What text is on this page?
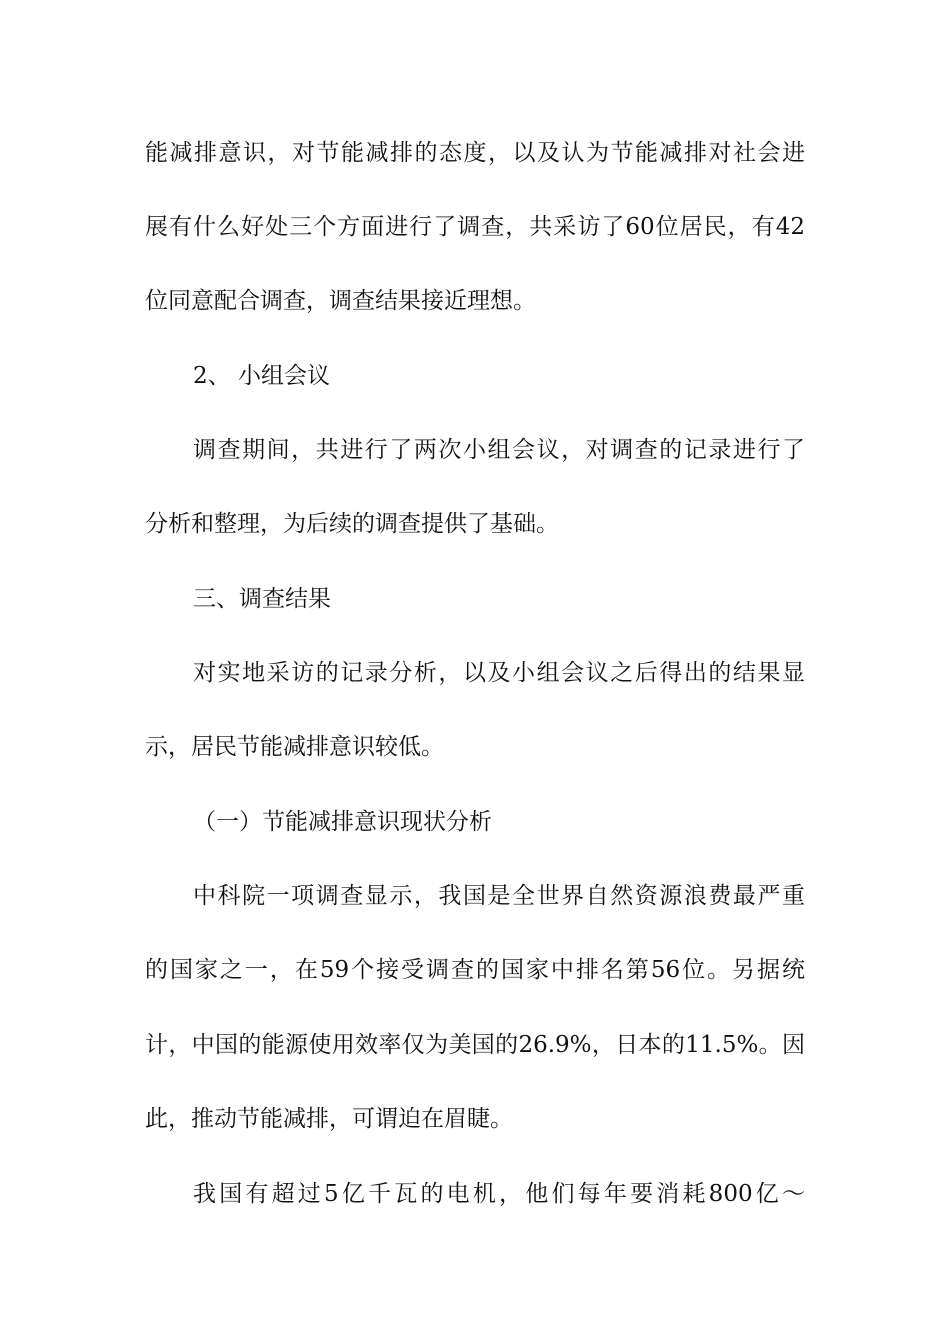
能减排意识，对节能减排的态度，以及认为节能减排对社会进
展有什么好处三个方面进行了调查，共采访了60位居民，有42
位同意配合调查，调查结果接近理想。
2、 小组会议
调查期间，共进行了两次小组会议，对调查的记录进行了
分析和整理，为后续的调查提供了基础。
三、调查结果
对实地采访的记录分析，以及小组会议之后得出的结果显
示，居民节能减排意识较低。
（一）节能减排意识现状分析
中科院一项调查显示，我国是全世界自然资源浪费最严重
的国家之一，在59个接受调查的国家中排名第56位。另据统
计，中国的能源使用效率仅为美国的26.9%，日本的11.5%。因
此，推动节能减排，可谓迫在眉睫。
我国有超过5亿千瓦的电机，他们每年要消耗800亿～
